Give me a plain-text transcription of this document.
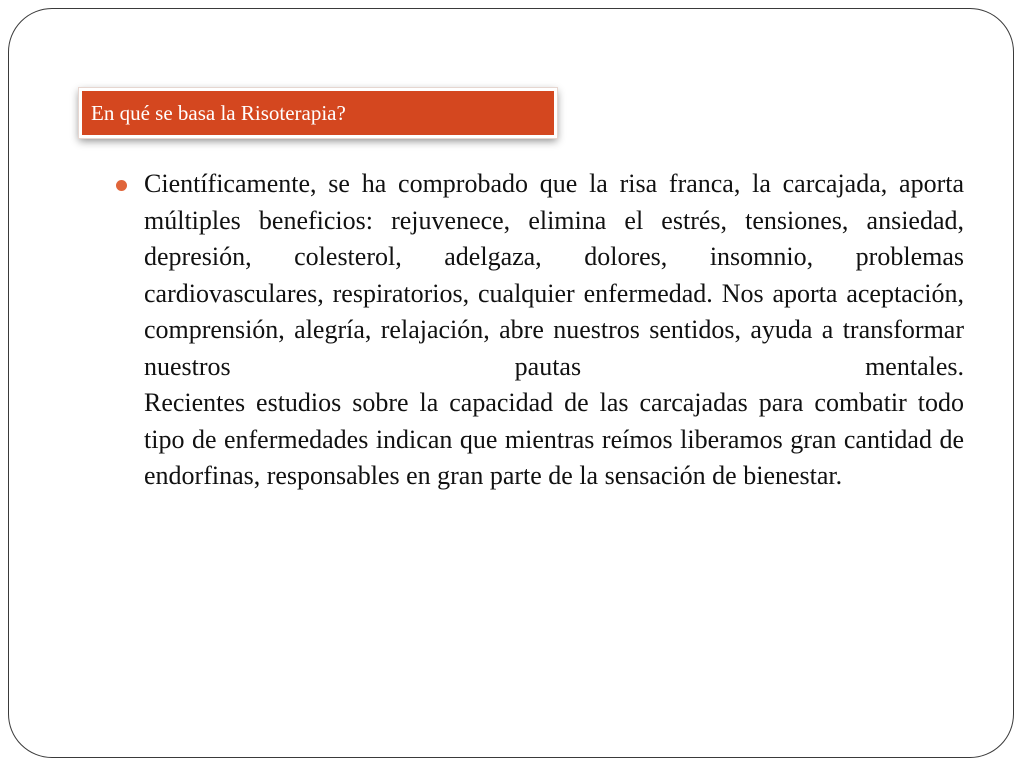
En qué se basa la Risoterapia?
Científicamente, se ha comprobado que la risa franca, la carcajada, aporta múltiples beneficios: rejuvenece, elimina el estrés, tensiones, ansiedad, depresión, colesterol, adelgaza, dolores, insomnio, problemas cardiovasculares, respiratorios, cualquier enfermedad. Nos aporta aceptación, comprensión, alegría, relajación, abre nuestros sentidos, ayuda a transformar nuestros pautas mentales.
Recientes estudios sobre la capacidad de las carcajadas para combatir todo tipo de enfermedades indican que mientras reímos liberamos gran cantidad de endorfinas, responsables en gran parte de la sensación de bienestar.
